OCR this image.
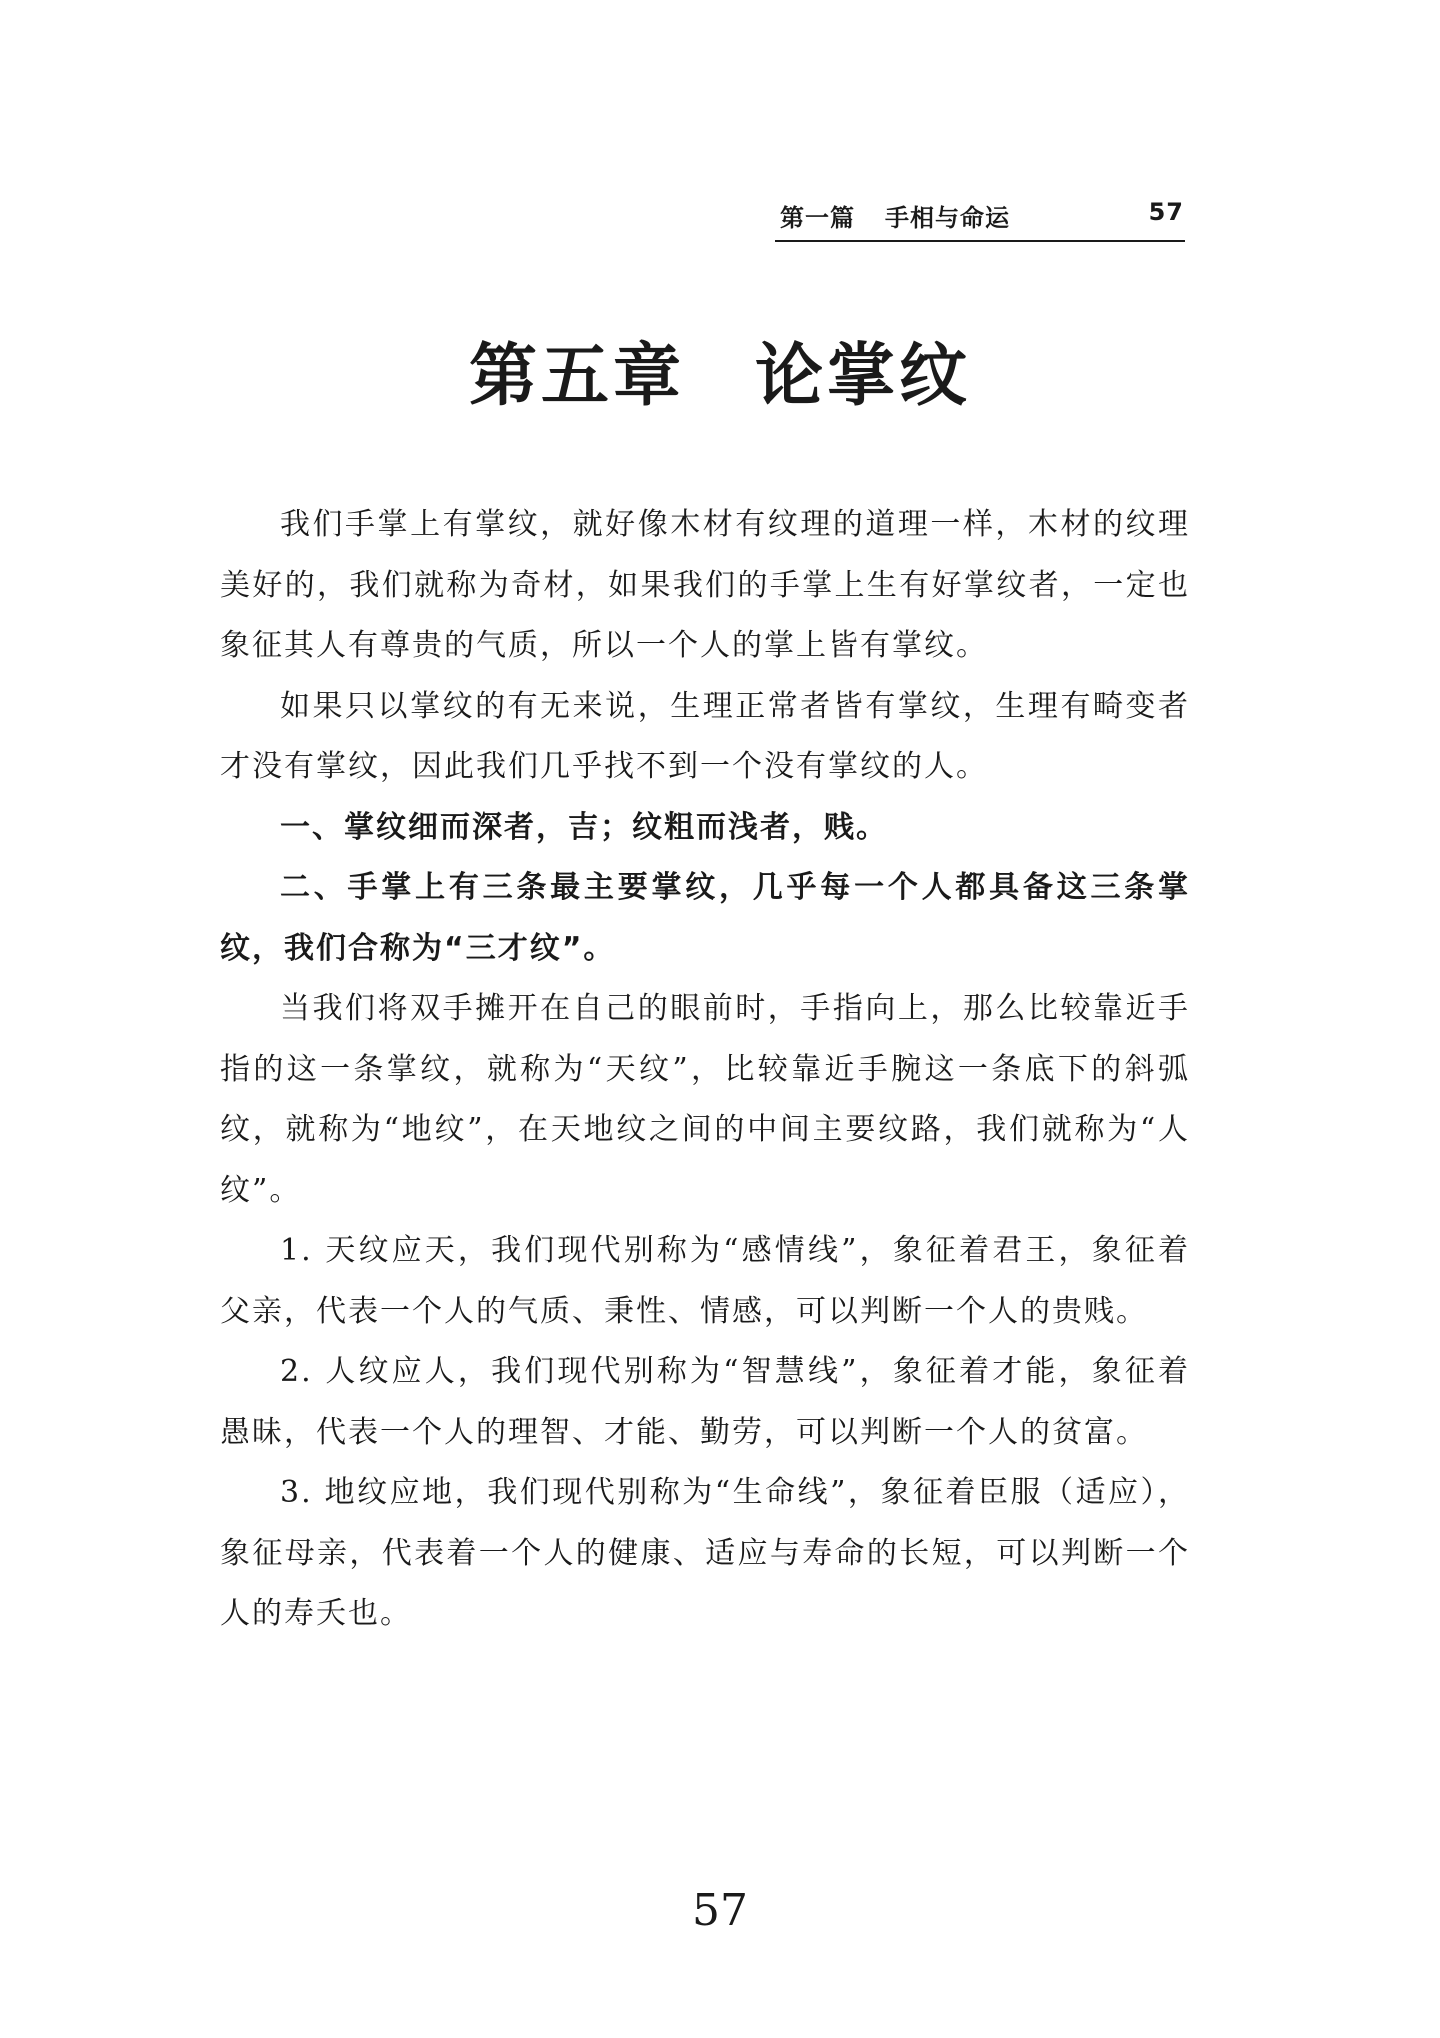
第一篇 手相与命运	57
第五章 论掌纹

我们手掌上有掌纹，就好像木材有纹理的道理一样，木材的纹理美好的，我们就称为奇材，如果我们的手掌上生有好掌纹者，一定也象征其人有尊贵的气质，所以一个人的掌上皆有掌纹。

如果只以掌纹的有无来说，生理正常者皆有掌纹，生理有畸变者才没有掌纹，因此我们几乎找不到一个没有掌纹的人。

一、掌纹细而深者，吉；纹粗而浅者，贱。

二、手掌上有三条最主要掌纹，几乎每一个人都具备这三条掌纹，我们合称为“三才纹”。

当我们将双手摊开在自己的眼前时，手指向上，那么比较靠近手指的这一条掌纹，就称为“天纹”，比较靠近手腕这一条底下的斜弧纹，就称为“地纹”，在天地纹之间的中间主要纹路，我们就称为“人纹”。

1. 天纹应天，我们现代别称为“感情线”，象征着君王，象征着父亲，代表一个人的气质、秉性、情感，可以判断一个人的贵贱。

2. 人纹应人，我们现代别称为“智慧线”，象征着才能，象征着愚昧，代表一个人的理智、才能、勤劳，可以判断一个人的贫富。

3. 地纹应地，我们现代别称为“生命线”，象征着臣服（适应），象征母亲，代表着一个人的健康、适应与寿命的长短，可以判断一个人的寿夭也。

57
